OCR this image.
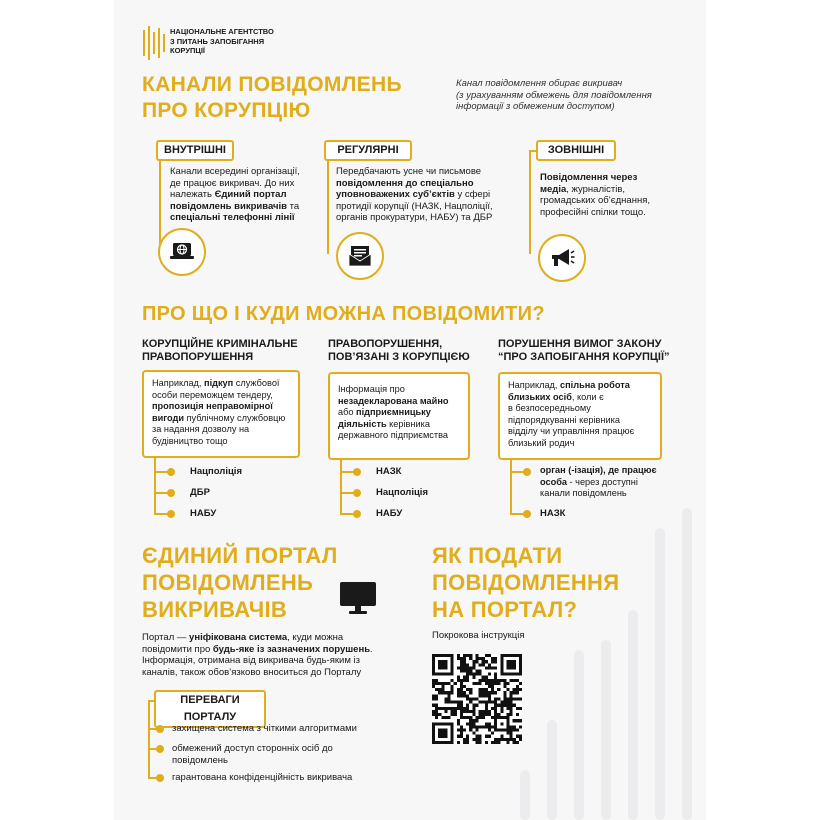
НАЦІОНАЛЬНЕ АГЕНТСТВО
З ПИТАНЬ ЗАПОБІГАННЯ
КОРУПЦІЇ
КАНАЛИ ПОВІДОМЛЕНЬ
ПРО КОРУПЦІЮ
Канал повідомлення обирає викривач
(з урахуванням обмежень для повідомлення
інформації з обмеженим доступом)
ВНУТРІШНІ
Канали всередині організації,
де працює викривач. До них
належать Єдиний портал
повідомлень викривачів та
спеціальні телефонні лінії
РЕГУЛЯРНІ
Передбачають усне чи письмове
повідомлення до спеціально
уповноважених суб’єктів у сфері
протидії корупції (НАЗК, Нацполіції,
органів прокуратури, НАБУ) та ДБР
ЗОВНІШНІ
Повідомлення через
медіа, журналістів,
громадських об’єднання,
професійні спілки тощо.
ПРО ЩО І КУДИ МОЖНА ПОВІДОМИТИ?
КОРУПЦІЙНЕ КРИМІНАЛЬНЕ
ПРАВОПОРУШЕННЯ
Наприклад, підкуп службової
особи переможцем тендеру,
пропозиція неправомірної
вигоди публічному службовцю
за надання дозволу на
будівництво тощо
Нацполіція
ДБР
НАБУ
ПРАВОПОРУШЕННЯ,
ПОВ’ЯЗАНІ З КОРУПЦІЄЮ
Інформація про
незадекларована майно
або підприємницьку
діяльність керівника
державного підприємства
НАЗК
Нацполіція
НАБУ
ПОРУШЕННЯ ВИМОГ ЗАКОНУ
“ПРО ЗАПОБІГАННЯ КОРУПЦІЇ”
Наприклад, спільна робота
близьких осіб, коли є
в безпосередньому
підпорядкуванні керівника
відділу чи управління працює
близький родич
орган (-ізація), де працює
особа - через доступні
канали повідомлень
НАЗК
ЄДИНИЙ ПОРТАЛ
ПОВІДОМЛЕНЬ
ВИКРИВАЧІВ
Портал — уніфікована система, куди можна
повідомити про будь-яке із зазначених порушень.
Інформація, отримана від викривача будь-яким із
каналів, також обов’язково вноситься до Порталу
ПЕРЕВАГИ ПОРТАЛУ
захищена система з чіткими алгоритмами
обмежений доступ сторонніх осіб до
повідомлень
гарантована конфіденційність викривача
ЯК ПОДАТИ
ПОВІДОМЛЕННЯ
НА ПОРТАЛ?
Покрокова інструкція
